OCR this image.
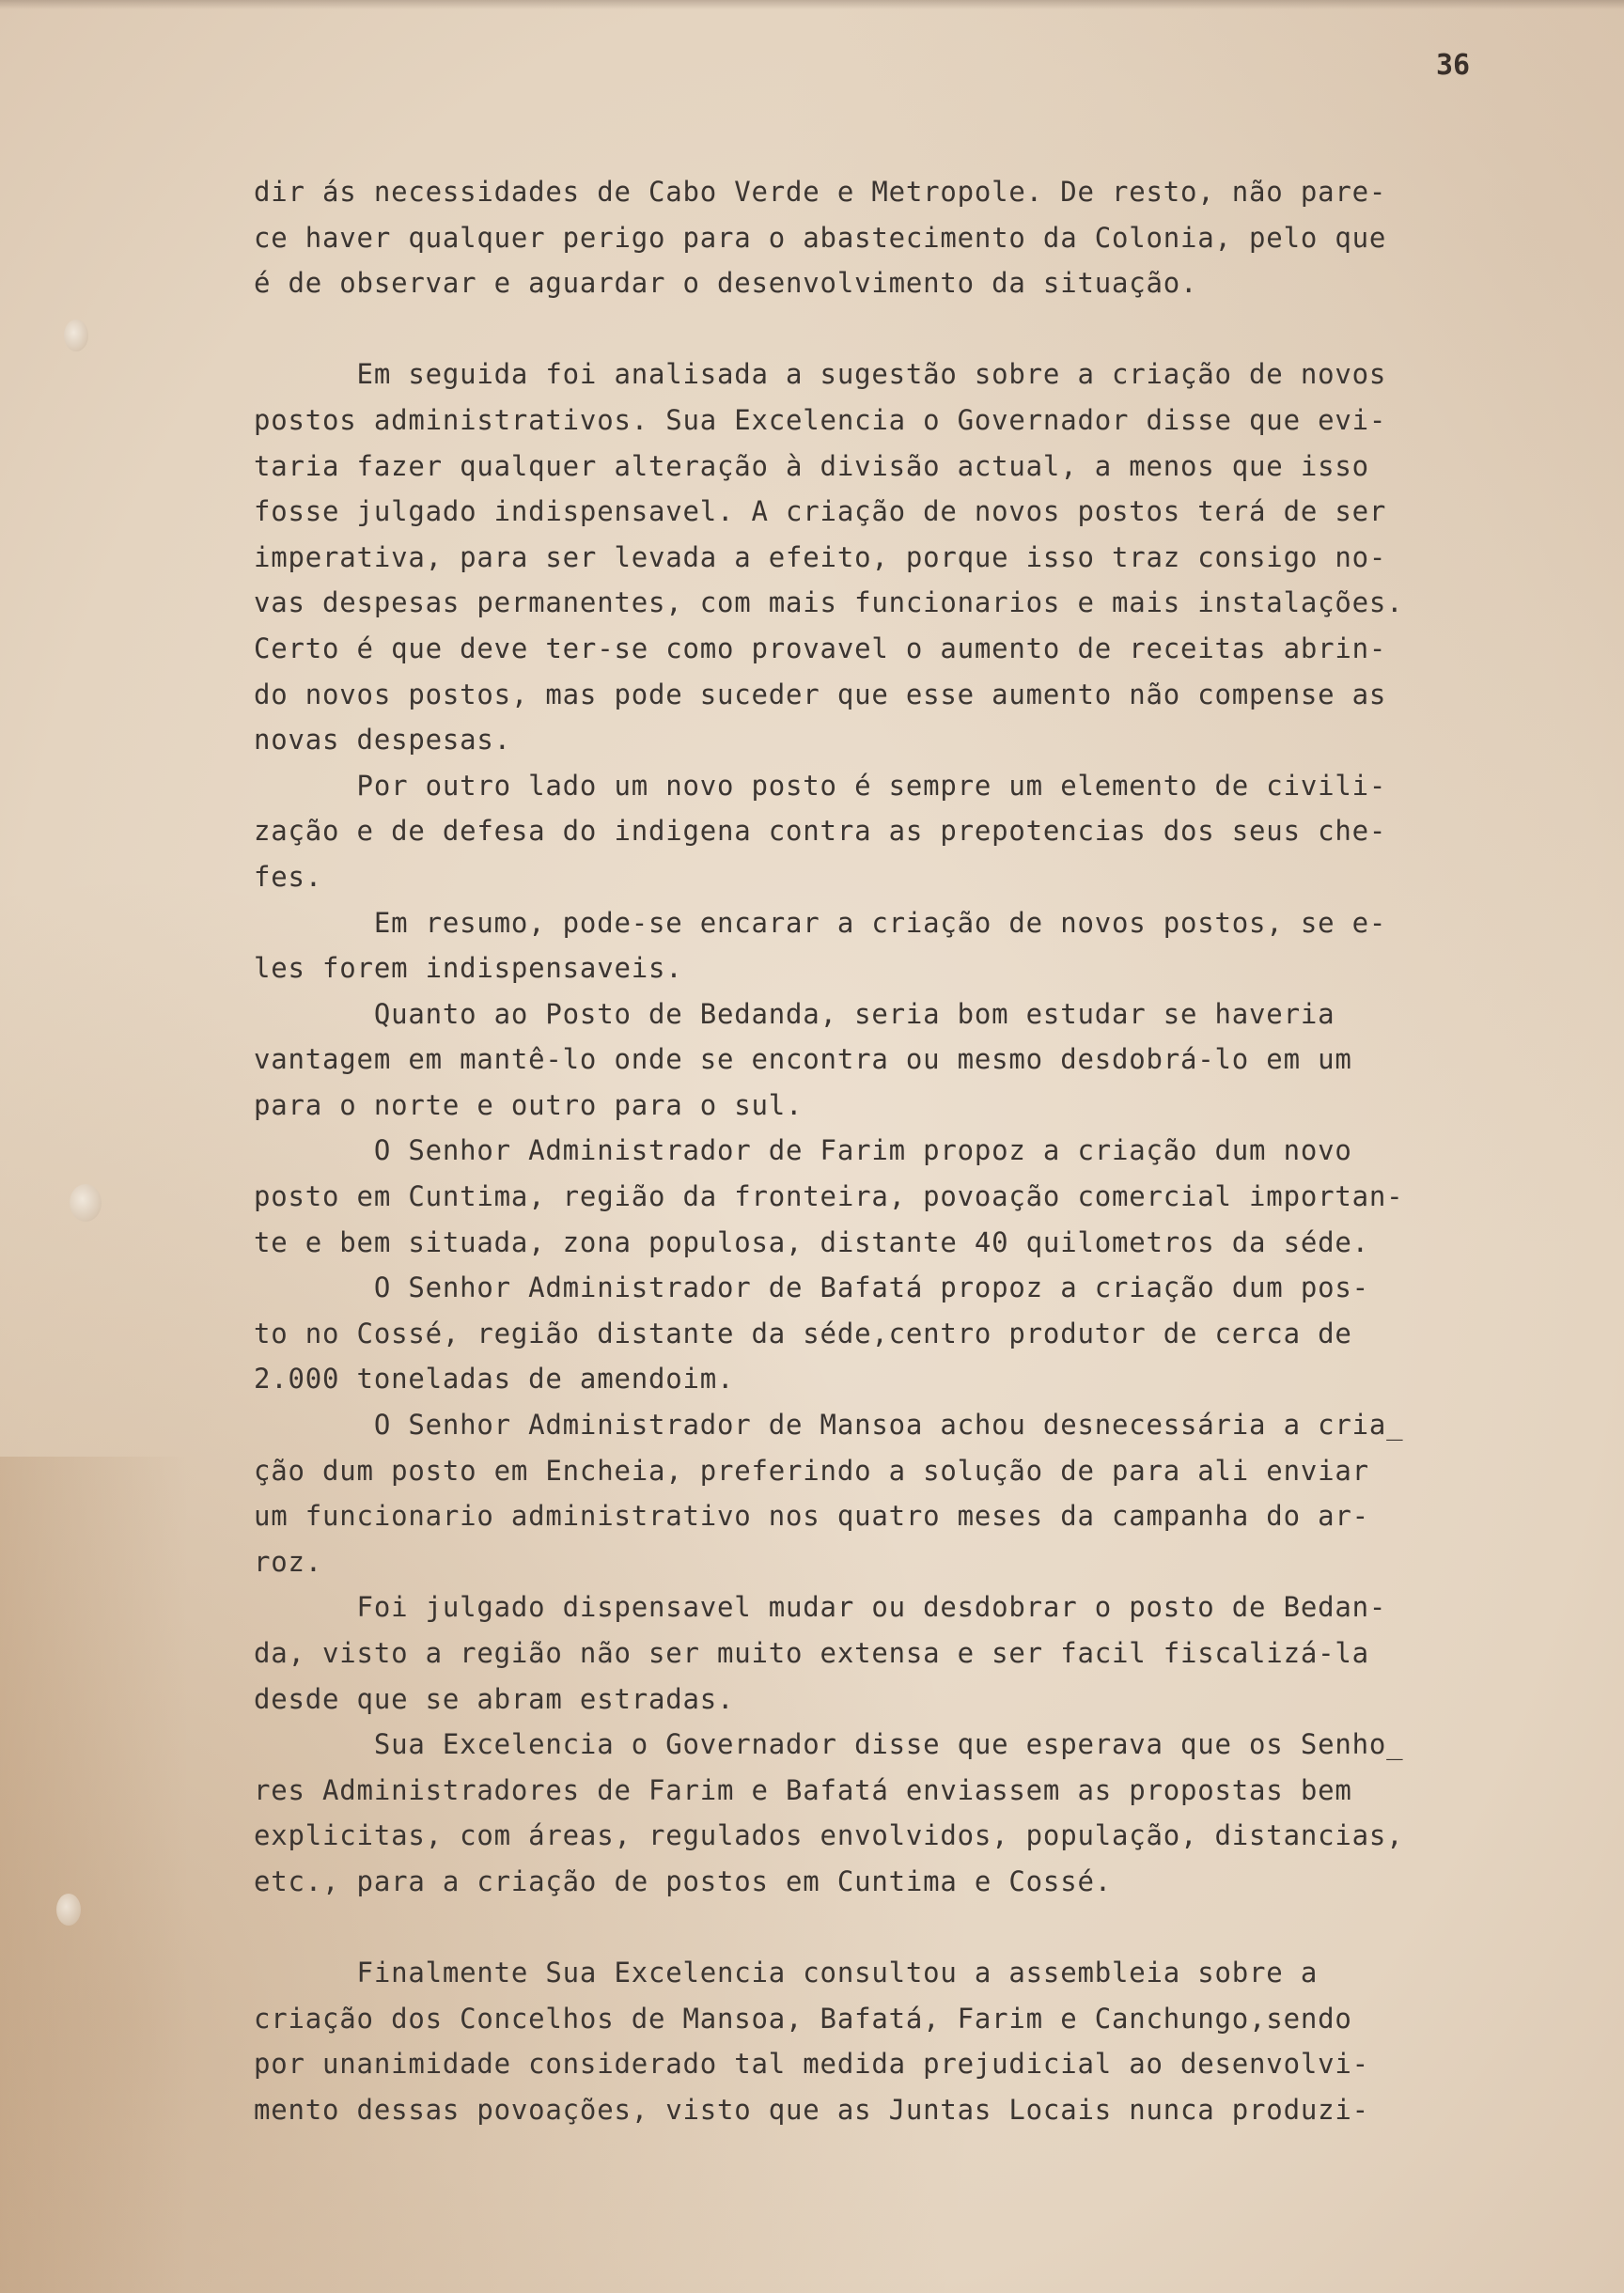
36
dir ás necessidades de Cabo Verde e Metropole. De resto, não pare-
ce haver qualquer perigo para o abastecimento da Colonia, pelo que
é de observar e aguardar o desenvolvimento da situação.
Em seguida foi analisada a sugestão sobre a criação de novos
postos administrativos. Sua Excelencia o Governador disse que evi-
taria fazer qualquer alteração à divisão actual, a menos que isso
fosse julgado indispensavel. A criação de novos postos terá de ser
imperativa, para ser levada a efeito, porque isso traz consigo no-
vas despesas permanentes, com mais funcionarios e mais instalações.
Certo é que deve ter-se como provavel o aumento de receitas abrin-
do novos postos, mas pode suceder que esse aumento não compense as
novas despesas.
Por outro lado um novo posto é sempre um elemento de civili-
zação e de defesa do indigena contra as prepotencias dos seus che-
fes.
Em resumo, pode-se encarar a criação de novos postos, se e-
les forem indispensaveis.
Quanto ao Posto de Bedanda, seria bom estudar se haveria
vantagem em mantê-lo onde se encontra ou mesmo desdobrá-lo em um
para o norte e outro para o sul.
O Senhor Administrador de Farim propoz a criação dum novo
posto em Cuntima, região da fronteira, povoação comercial importan-
te e bem situada, zona populosa, distante 40 quilometros da séde.
O Senhor Administrador de Bafatá propoz a criação dum pos-
to no Cossé, região distante da séde,centro produtor de cerca de
2.000 toneladas de amendoim.
O Senhor Administrador de Mansoa achou desnecessária a cria_
ção dum posto em Encheia, preferindo a solução de para ali enviar
um funcionario administrativo nos quatro meses da campanha do ar-
roz.
Foi julgado dispensavel mudar ou desdobrar o posto de Bedan-
da, visto a região não ser muito extensa e ser facil fiscalizá-la
desde que se abram estradas.
Sua Excelencia o Governador disse que esperava que os Senho_
res Administradores de Farim e Bafatá enviassem as propostas bem
explicitas, com áreas, regulados envolvidos, população, distancias,
etc., para a criação de postos em Cuntima e Cossé.
Finalmente Sua Excelencia consultou a assembleia sobre a
criação dos Concelhos de Mansoa, Bafatá, Farim e Canchungo,sendo
por unanimidade considerado tal medida prejudicial ao desenvolvi-
mento dessas povoações, visto que as Juntas Locais nunca produzi-
